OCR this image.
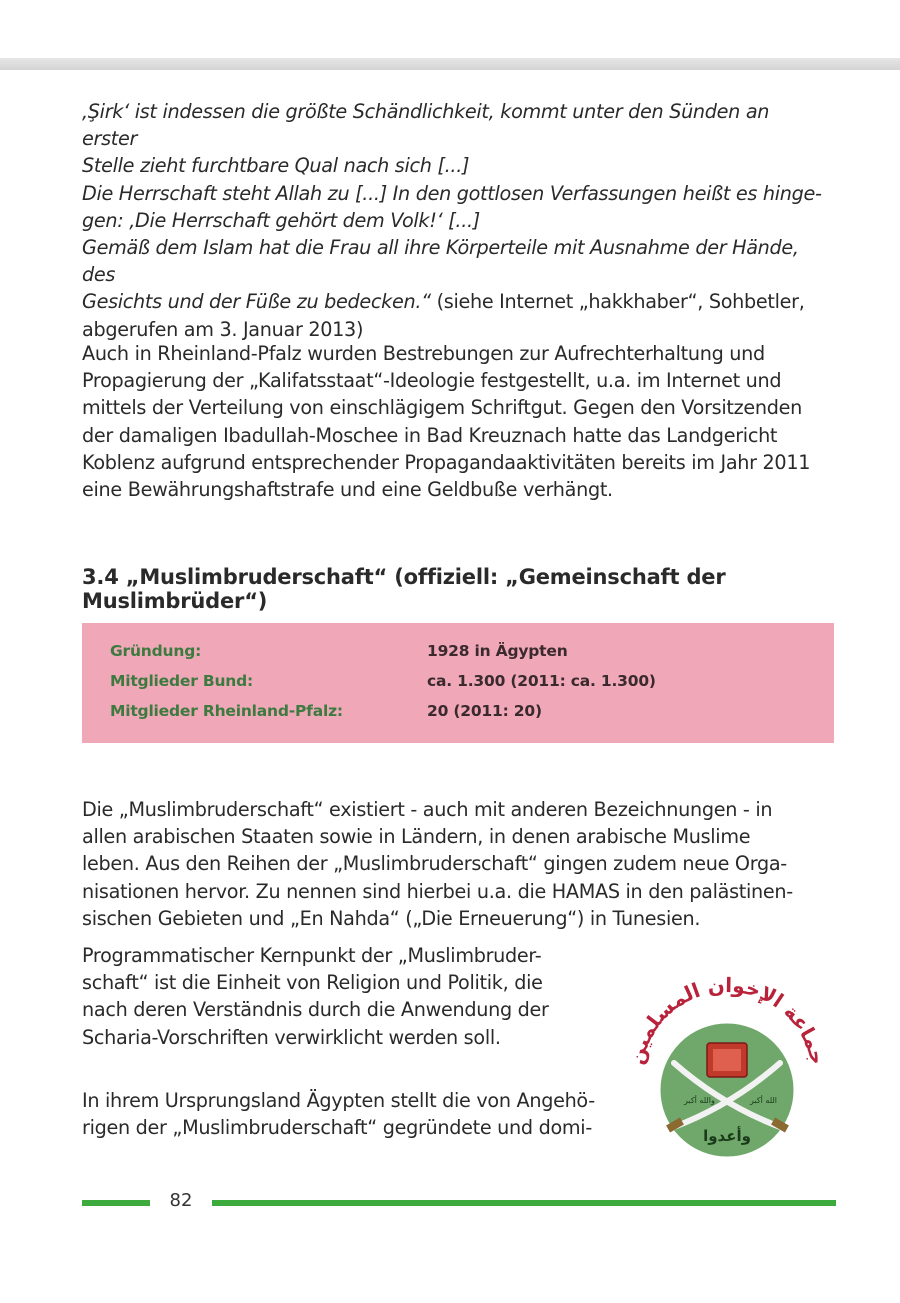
‚Şirk‘ ist indessen die größte Schändlichkeit, kommt unter den Sünden an erster

Stelle zieht furchtbare Qual nach sich [...]

Die Herrschaft steht Allah zu [...] In den gottlosen Verfassungen heißt es hinge-

gen: ‚Die Herrschaft gehört dem Volk!‘ [...]

Gemäß dem Islam hat die Frau all ihre Körperteile mit Ausnahme der Hände, des

Gesichts und der Füße zu bedecken.“ (siehe Internet „hakkhaber“, Sohbetler,

abgerufen am 3. Januar 2013)

Auch in Rheinland-Pfalz wurden Bestrebungen zur Aufrechterhaltung und

Propagierung der „Kalifatsstaat“-Ideologie festgestellt, u.a. im Internet und

mittels der Verteilung von einschlägigem Schriftgut. Gegen den Vorsitzenden

der damaligen Ibadullah-Moschee in Bad Kreuznach hatte das Landgericht

Koblenz aufgrund entsprechender Propagandaaktivitäten bereits im Jahr 2011

eine Bewährungshaftstrafe und eine Geldbuße verhängt.

3.4 „Muslimbruderschaft“ (offiziell: „Gemeinschaft der Muslimbrüder“)
Gründung:	1928 in Ägypten
Mitglieder Bund:	ca. 1.300 (2011: ca. 1.300)
Mitglieder Rheinland-Pfalz:	20 (2011: 20)

Die „Muslimbruderschaft“ existiert - auch mit anderen Bezeichnungen - in

allen arabischen Staaten sowie in Ländern, in denen arabische Muslime

leben. Aus den Reihen der „Muslimbruderschaft“ gingen zudem neue Orga-

nisationen hervor. Zu nennen sind hierbei u.a. die HAMAS in den palästinen-

sischen Gebieten und „En Nahda“ („Die Erneuerung“) in Tunesien.

Programmatischer Kernpunkt der „Muslimbruder-

schaft“ ist die Einheit von Religion und Politik, die

nach deren Verständnis durch die Anwendung der

Scharia-Vorschriften verwirklicht werden soll.

In ihrem Ursprungsland Ägypten stellt die von Angehö-

rigen der „Muslimbruderschaft“ gegründete und domi-

جماعة الإخوان المسلمين
والله أكبر	الله أكبر
وأعدوا
82
